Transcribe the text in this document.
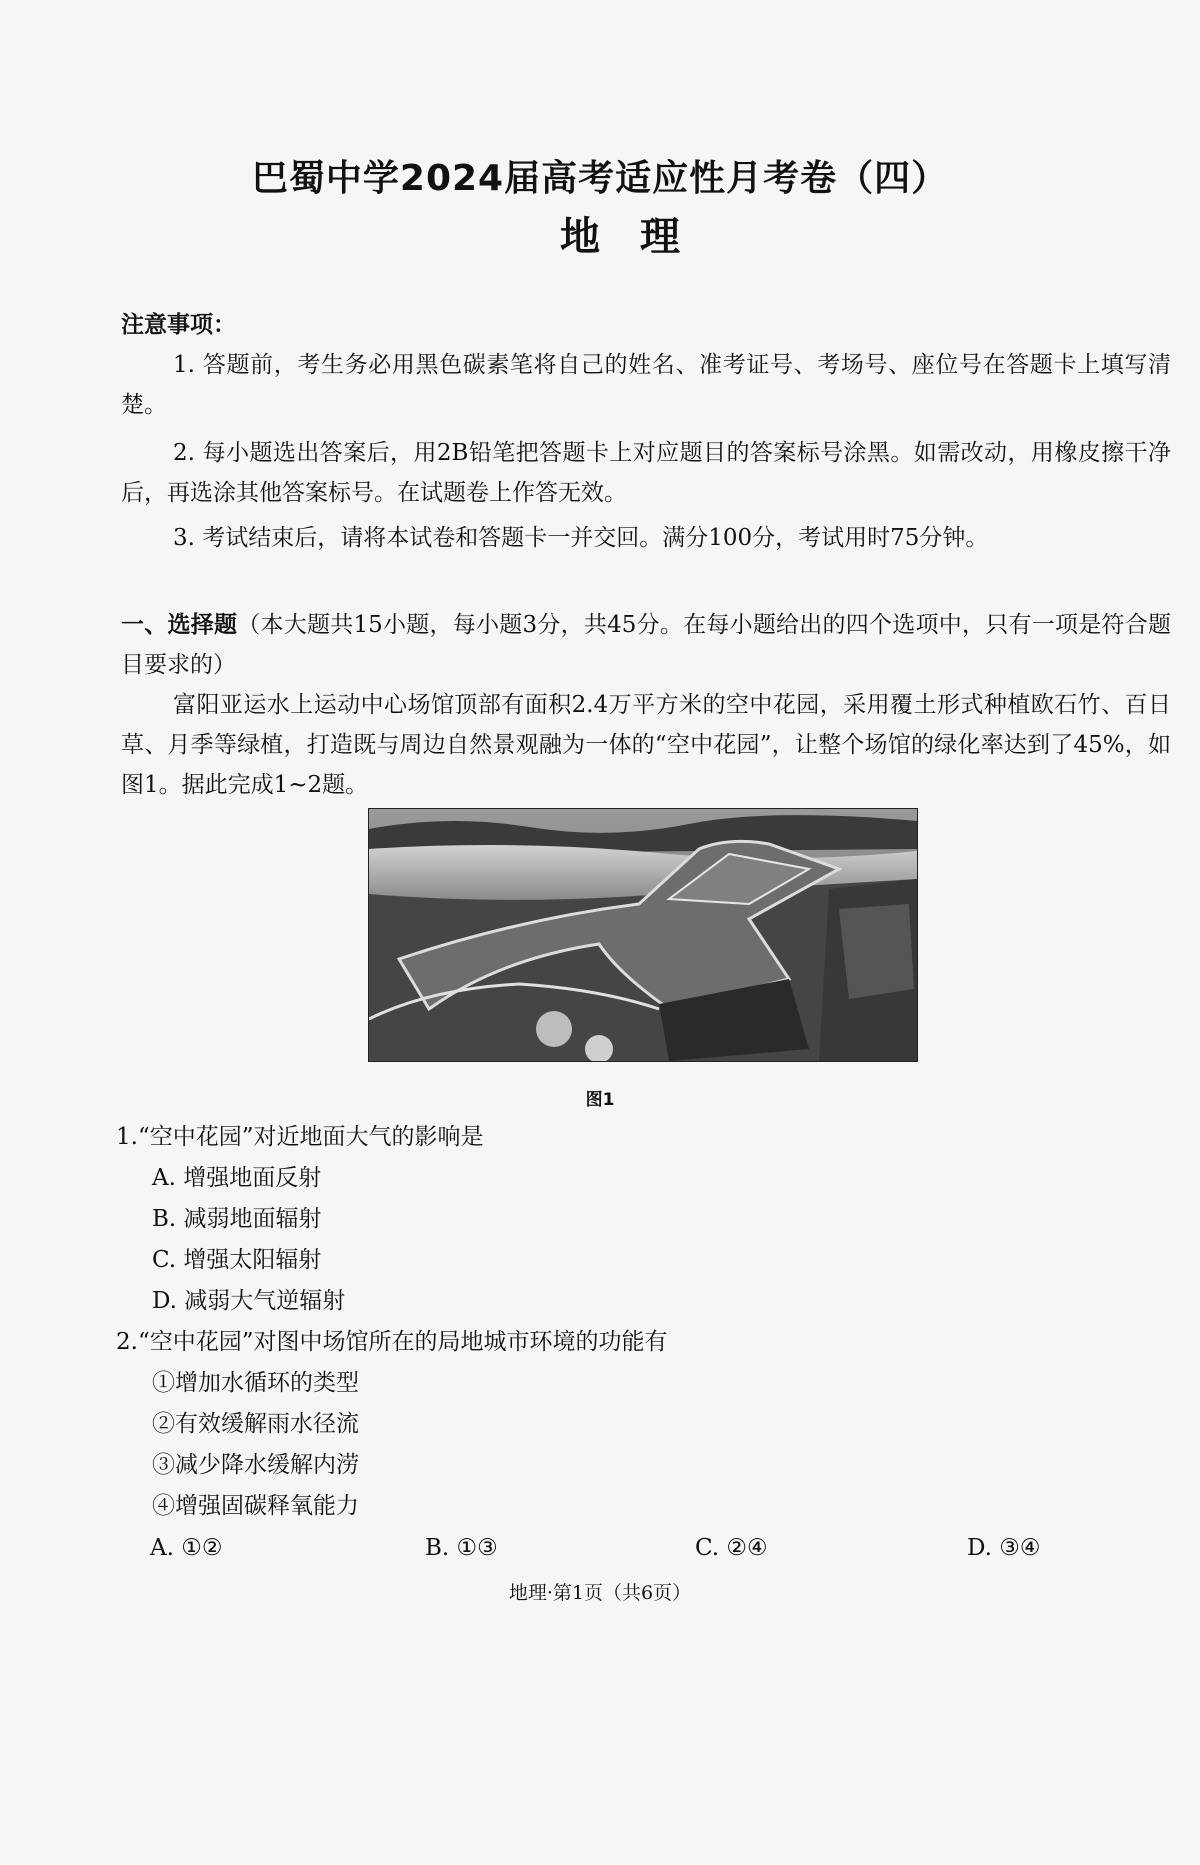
巴蜀中学2024届高考适应性月考卷（四）
地理
注意事项：
1. 答题前，考生务必用黑色碳素笔将自己的姓名、准考证号、考场号、座位号在答题卡上填写清楚。
2. 每小题选出答案后，用2B铅笔把答题卡上对应题目的答案标号涂黑。如需改动，用橡皮擦干净后，再选涂其他答案标号。在试题卷上作答无效。
3. 考试结束后，请将本试卷和答题卡一并交回。满分100分，考试用时75分钟。
一、选择题（本大题共15小题，每小题3分，共45分。在每小题给出的四个选项中，只有一项是符合题目要求的）
富阳亚运水上运动中心场馆顶部有面积2.4万平方米的空中花园，采用覆土形式种植欧石竹、百日草、月季等绿植，打造既与周边自然景观融为一体的“空中花园”，让整个场馆的绿化率达到了45%，如图1。据此完成1~2题。
图1
1.“空中花园”对近地面大气的影响是
A. 增强地面反射
B. 减弱地面辐射
C. 增强太阳辐射
D. 减弱大气逆辐射
2.“空中花园”对图中场馆所在的局地城市环境的功能有
①增加水循环的类型
②有效缓解雨水径流
③减少降水缓解内涝
④增强固碳释氧能力
A. ①②	B. ①③	C. ②④	D. ③④
地理·第1页（共6页）
